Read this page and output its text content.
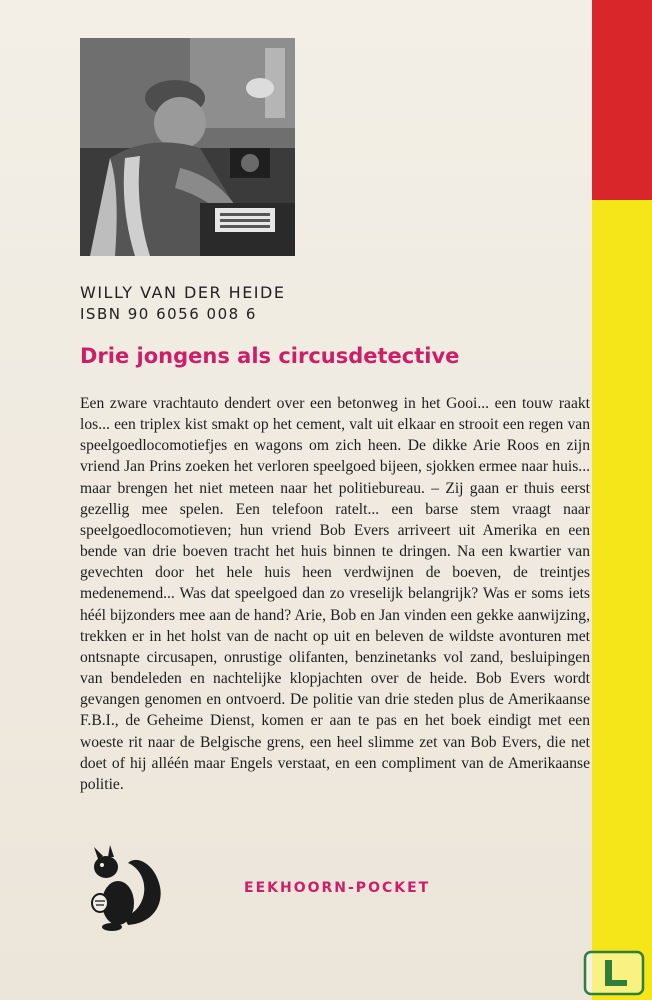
WILLY VAN DER HEIDE

ISBN 90 6056 008 6

Drie jongens als circusdetective

Een zware vrachtauto dendert over een betonweg in het Gooi... een touw raakt los... een triplex kist smakt op het cement, valt uit elkaar en strooit een regen van speelgoedlocomotiefjes en wagons om zich heen. De dikke Arie Roos en zijn vriend Jan Prins zoeken het verloren speelgoed bijeen, sjokken ermee naar huis... maar brengen het niet meteen naar het politiebureau. – Zij gaan er thuis eerst gezellig mee spelen. Een telefoon ratelt... een barse stem vraagt naar speelgoedlocomotieven; hun vriend Bob Evers arriveert uit Amerika en een bende van drie boeven tracht het huis binnen te dringen. Na een kwartier van gevechten door het hele huis heen verdwijnen de boeven, de treintjes medenemend... Was dat speelgoed dan zo vreselijk belangrijk? Was er soms iets héél bijzonders mee aan de hand? Arie, Bob en Jan vinden een gekke aanwijzing, trekken er in het holst van de nacht op uit en beleven de wildste avonturen met ontsnapte circusapen, onrustige olifanten, benzinetanks vol zand, besluipingen van bendeleden en nachtelijke klopjachten over de heide. Bob Evers wordt gevangen genomen en ontvoerd. De politie van drie steden plus de Amerikaanse F.B.I., de Geheime Dienst, komen er aan te pas en het boek eindigt met een woeste rit naar de Belgische grens, een heel slimme zet van Bob Evers, die net doet of hij alléén maar Engels verstaat, en een compliment van de Amerikaanse politie.

EEKHOORN-POCKET
